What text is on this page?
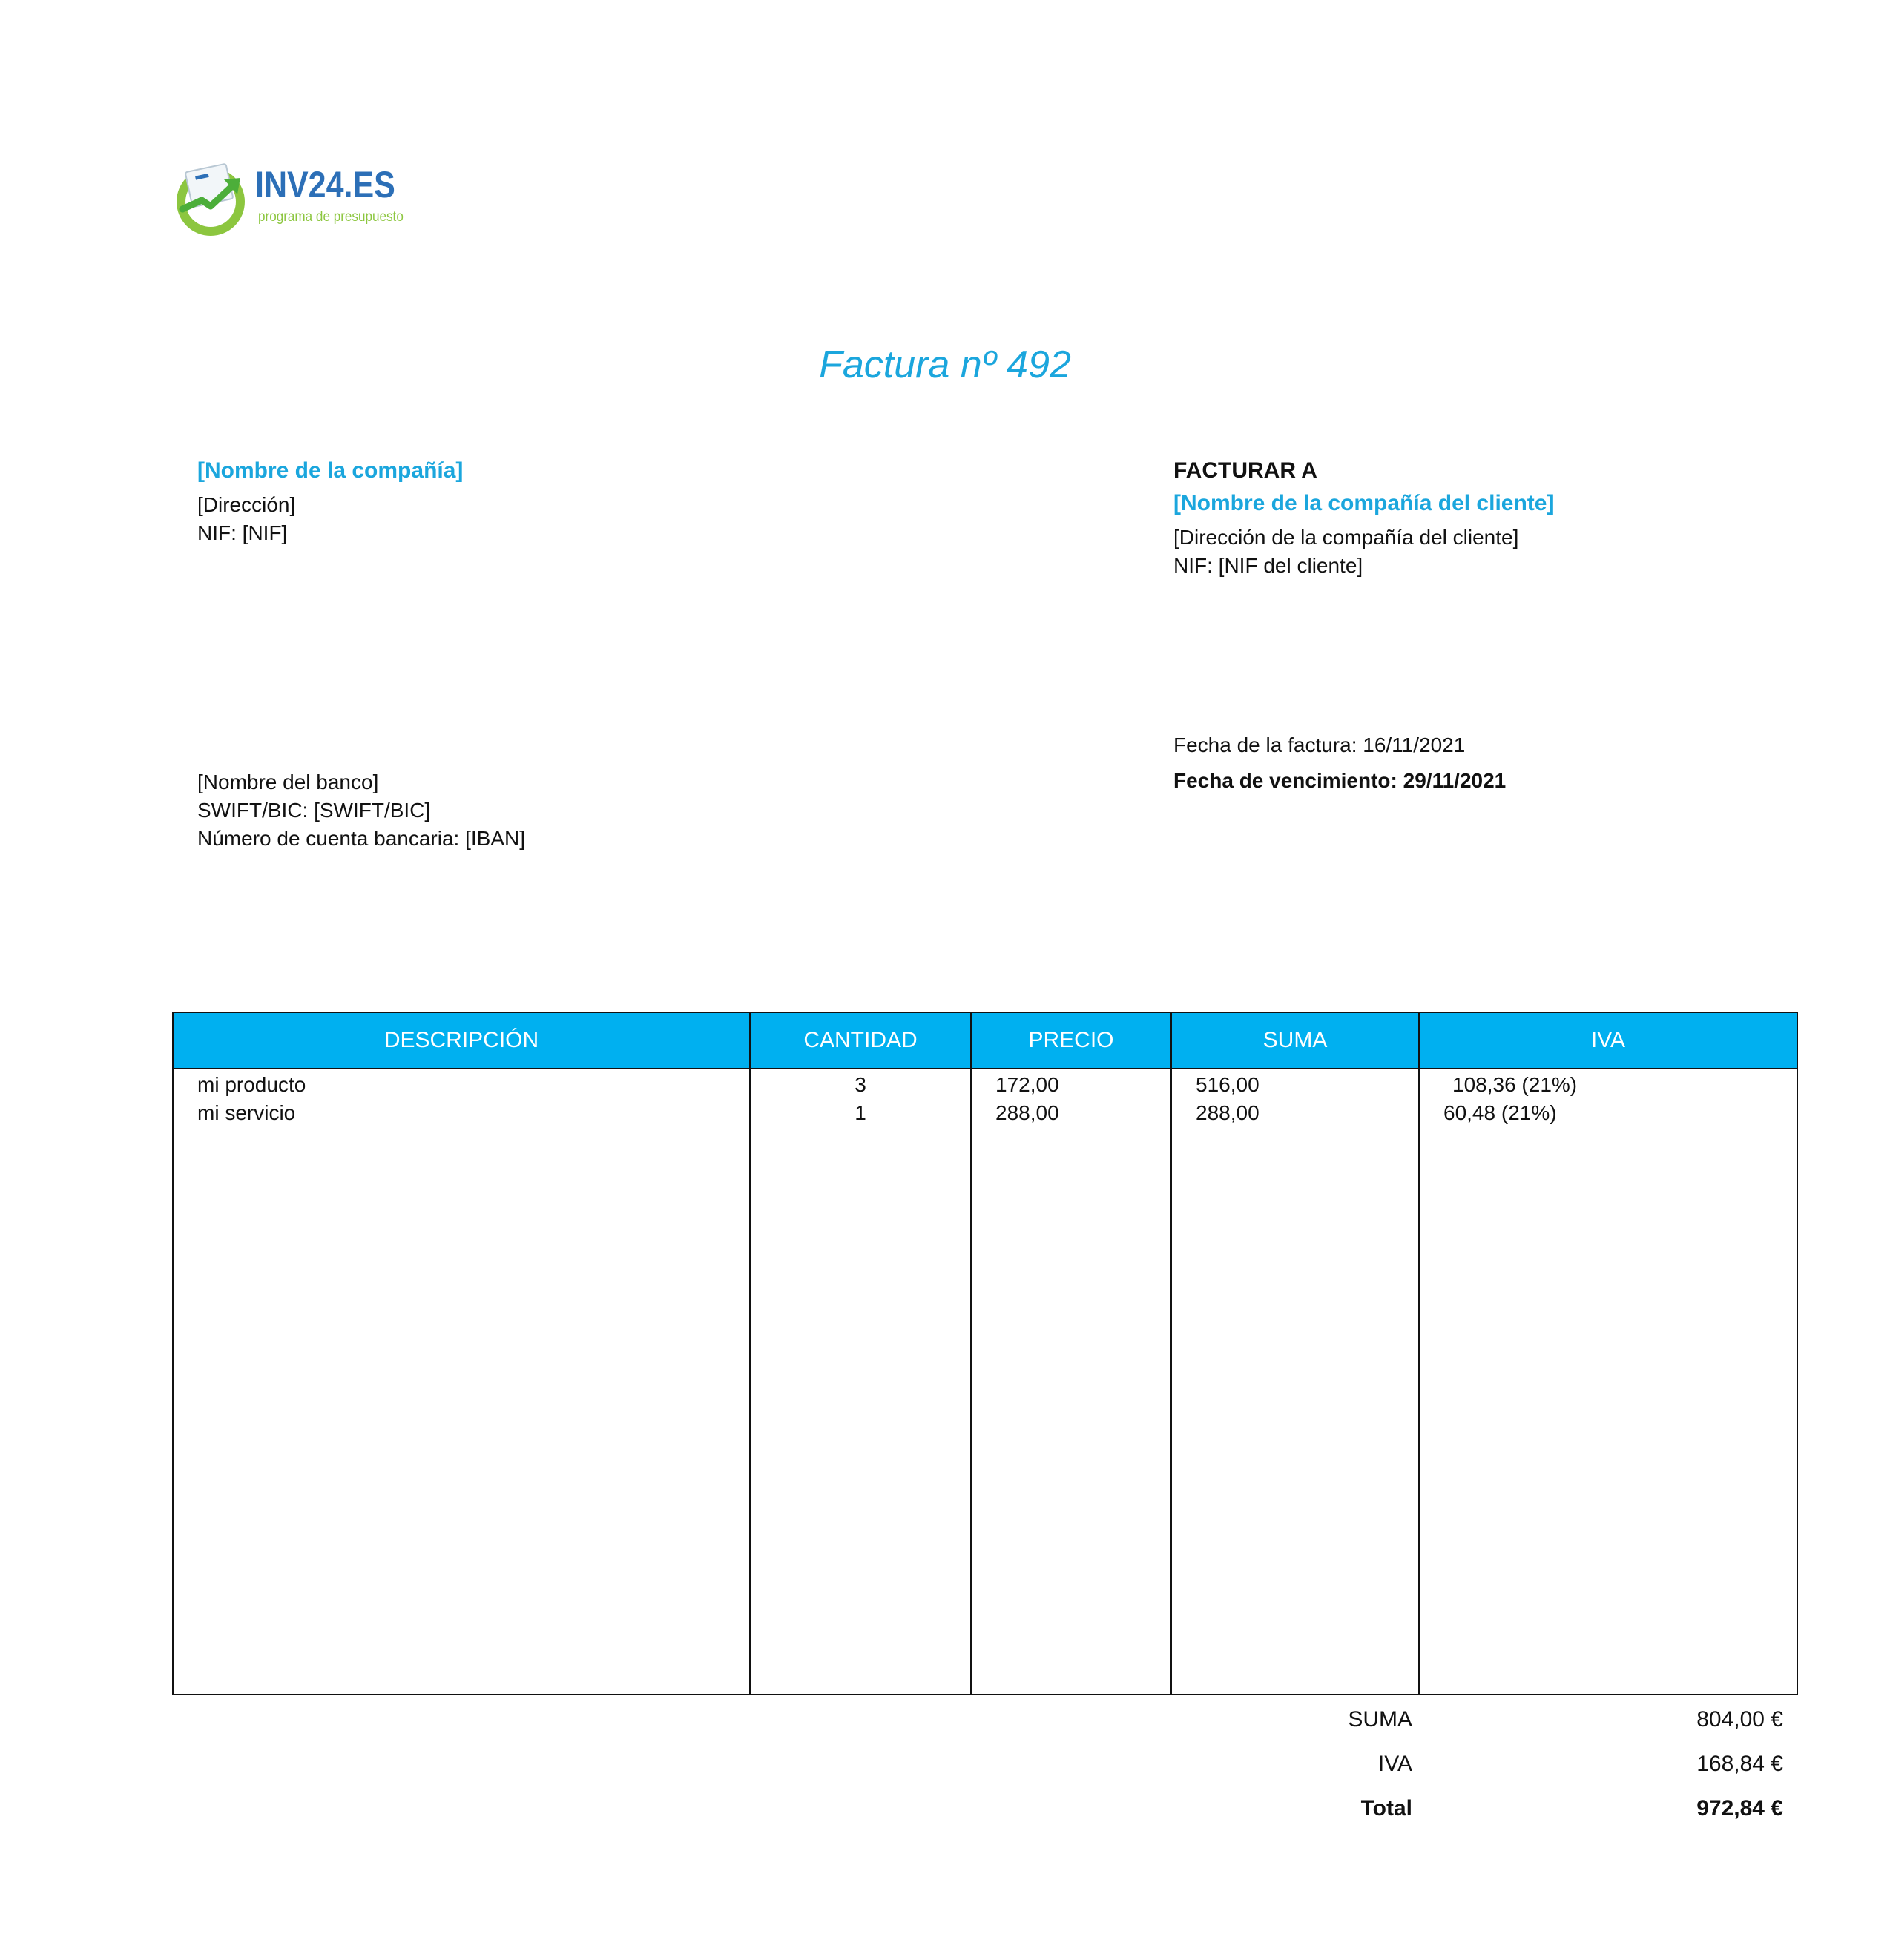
INV24.ES
programa de presupuesto
Factura nº 492
[Nombre de la compañía]
[Dirección]
NIF: [NIF]
FACTURAR A
[Nombre de la compañía del cliente]
[Dirección de la compañía del cliente]
NIF: [NIF del cliente]
Fecha de la factura: 16/11/2021
Fecha de vencimiento: 29/11/2021
[Nombre del banco]
SWIFT/BIC: [SWIFT/BIC]
Número de cuenta bancaria: [IBAN]
DESCRIPCIÓN	CANTIDAD	PRECIO	SUMA	IVA
mi producto	3	172,00	516,00	108,36 (21%)
mi servicio	1	288,00	288,00	60,48 (21%)
SUMA	804,00 €
IVA	168,84 €
Total	972,84 €
